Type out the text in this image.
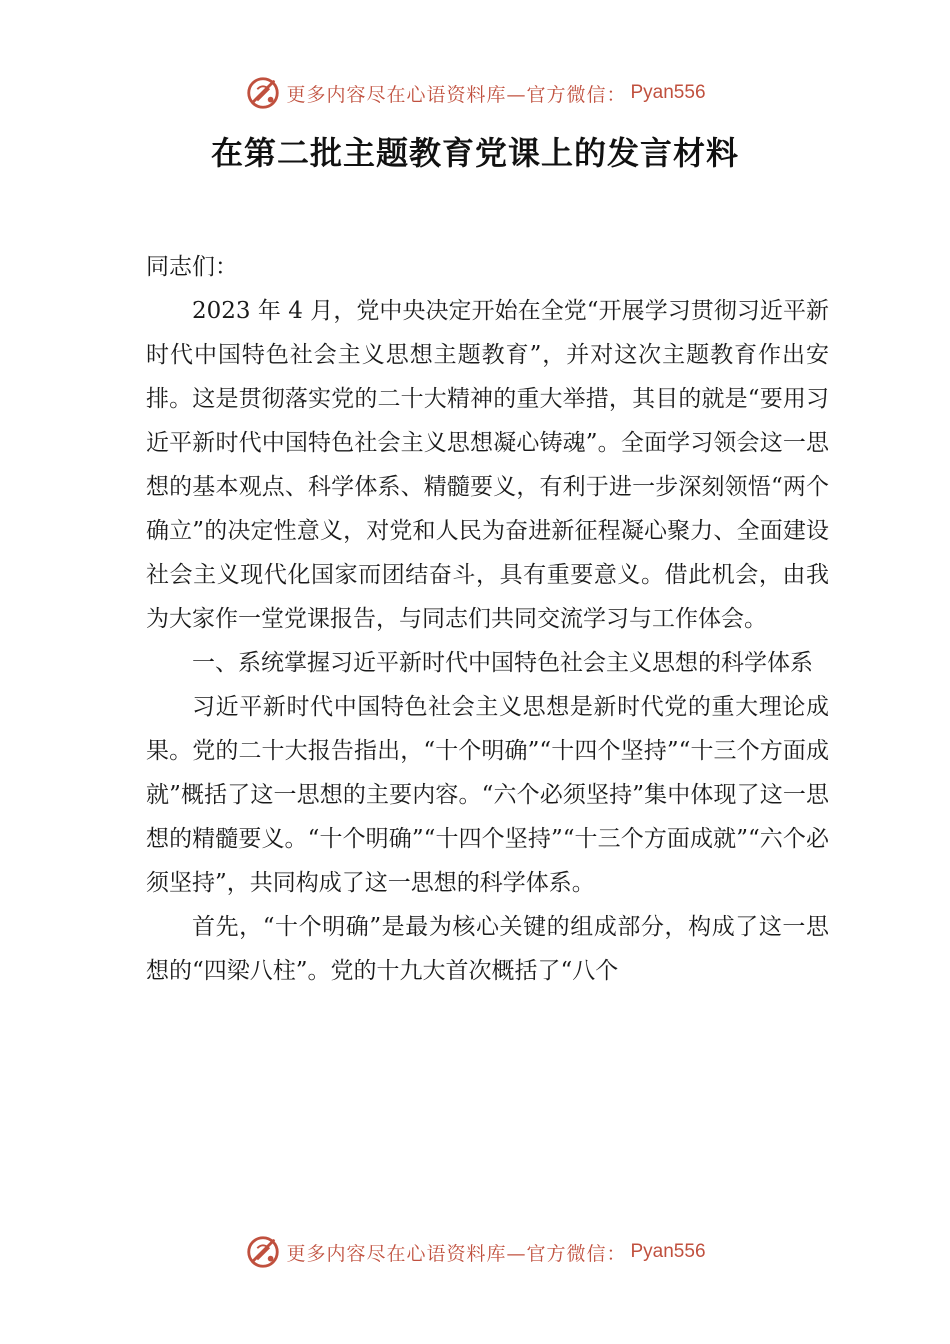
更多内容尽在心语资料库—官方微信： Pyan556
在第二批主题教育党课上的发言材料

同志们：

2023 年 4 月，党中央决定开始在全党“开展学习贯彻习近平新时代中国特色社会主义思想主题教育”，并对这次主题教育作出安排。这是贯彻落实党的二十大精神的重大举措，其目的就是“要用习近平新时代中国特色社会主义思想凝心铸魂”。全面学习领会这一思想的基本观点、科学体系、精髓要义，有利于进一步深刻领悟“两个确立”的决定性意义，对党和人民为奋进新征程凝心聚力、全面建设社会主义现代化国家而团结奋斗，具有重要意义。借此机会，由我为大家作一堂党课报告，与同志们共同交流学习与工作体会。

一、系统掌握习近平新时代中国特色社会主义思想的科学体系

习近平新时代中国特色社会主义思想是新时代党的重大理论成果。党的二十大报告指出，“十个明确”“十四个坚持”“十三个方面成就”概括了这一思想的主要内容。“六个必须坚持”集中体现了这一思想的精髓要义。“十个明确”“十四个坚持”“十三个方面成就”“六个必须坚持”，共同构成了这一思想的科学体系。

首先，“十个明确”是最为核心关键的组成部分，构成了这一思想的“四梁八柱”。党的十九大首次概括了“八个

更多内容尽在心语资料库—官方微信： Pyan556
